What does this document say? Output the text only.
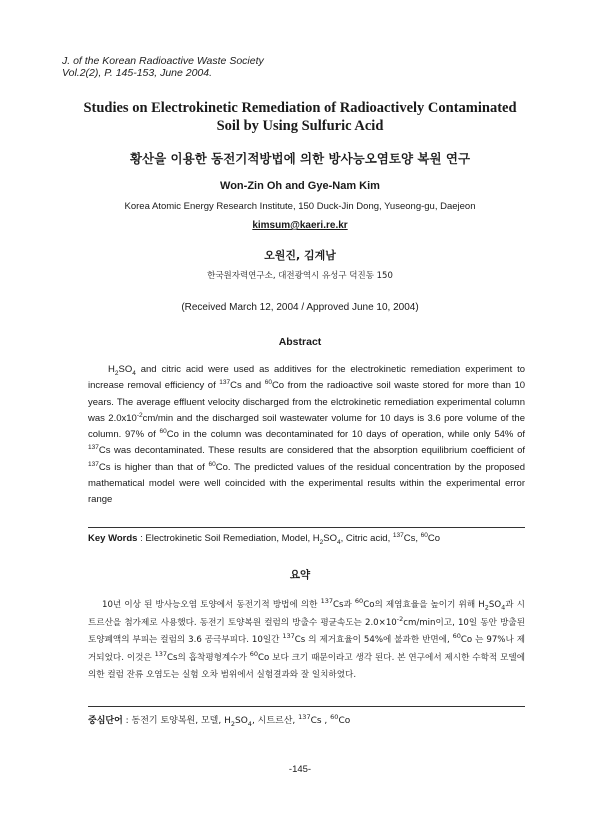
J. of the Korean Radioactive Waste Society
Vol.2(2), P. 145-153, June 2004.
Studies on Electrokinetic Remediation of Radioactively Contaminated
Soil by Using Sulfuric Acid
황산을 이용한 동전기적방법에 의한 방사능오염토양 복원 연구
Won-Zin Oh and Gye-Nam Kim
Korea Atomic Energy Research Institute, 150 Duck-Jin Dong, Yuseong-gu, Daejeon
kimsum@kaeri.re.kr
오원진, 김계남
한국원자력연구소, 대전광역시 유성구 덕진동 150
(Received March 12, 2004 / Approved June 10, 2004)
Abstract
$H_2SO_4$ and citric acid were used as additives for the electrokinetic remediation experiment to increase removal efficiency of $^{137}$Cs and $^{60}$Co from the radioactive soil waste stored for more than 10 years. The average effluent velocity discharged from the elctrokinetic remediation experimental column was $2.0x10^{-2}cm/\min$ and the discharged soil wastewater volume for 10 days is 3.6 pore volume of the column. 97% of $^{60}$Co in the column was decontaminated for 10 days of operation, while only 54% of $^{137}$Cs was decontaminated. These results are considered that the absorption equilibrium coefficient of $^{137}$Cs is higher than that of $^{60}$Co. The predicted values of the residual concentration by the proposed mathematical model were well coincided with the experimental results within the experimental error range
Key Words : Electrokinetic Soil Remediation, Model, $H_2SO_4$, Citric acid, $^{137}$Cs, $^{60}$Co
요약
10년 이상 된 방사능오염 토양에서 동전기적 방법에 의한 $^{137}$Cs과 $^{60}$Co의 제염효율을 높이기 위해 $H_2SO_4$과 시트르산을 첨가제로 사용했다. 동전기 토양복원 컬럼의 방출수 평균속도는 $2.0\times 10^{-2}cm/\min$이고, 10일 동안 방출된 토양폐액의 부피는 컬럼의 3.6 공극부피다. 10일간 $^{137}$Cs 의 제거효율이 54%에 불과한 반면에, $^{60}$Co 는 97%나 제거되었다. 이것은 $^{137}$Cs의 흡착평형계수가 $^{60}$Co 보다 크기 때문이라고 생각 된다. 본 연구에서 제시한 수학적 모델에 의한 컬럼 잔류 오염도는 실험 오차 범위에서 실험결과와 잘 일치하였다.
중심단어 : 동전기 토양복원, 모델, $H_2SO_4$, 시트르산, $^{137}$Cs , $^{60}$Co
-145-
